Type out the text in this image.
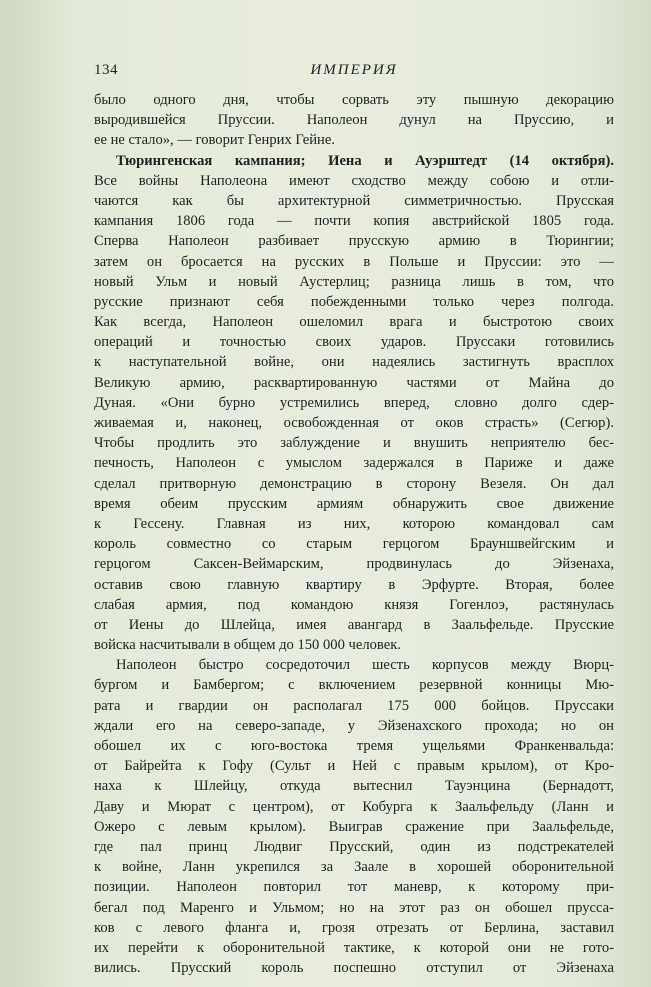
134	ИМПЕРИЯ
было одного дня, чтобы сорвать эту пышную декорацию
выродившейся Пруссии. Наполеон дунул на Пруссию, и
ее не стало», — говорит Генрих Гейне.
Тюрингенская кампания; Иена и Ауэрштедт (14 октября).
Все войны Наполеона имеют сходство между собою и отли-
чаются как бы архитектурной симметричностью. Прусская
кампания 1806 года — почти копия австрийской 1805 года.
Сперва Наполеон разбивает прусскую армию в Тюрингии;
затем он бросается на русских в Польше и Пруссии: это —
новый Ульм и новый Аустерлиц; разница лишь в том, что
русские признают себя побежденными только через полгода.
Как всегда, Наполеон ошеломил врага и быстротою своих
операций и точностью своих ударов. Пруссаки готовились
к наступательной войне, они надеялись застигнуть врасплох
Великую армию, расквартированную частями от Майна до
Дуная. «Они бурно устремились вперед, словно долго сдер-
живаемая и, наконец, освобожденная от оков страсть» (Сегюр).
Чтобы продлить это заблуждение и внушить неприятелю бес-
печность, Наполеон с умыслом задержался в Париже и даже
сделал притворную демонстрацию в сторону Везеля. Он дал
время обеим прусским армиям обнаружить свое движение
к Гессену. Главная из них, которою командовал сам
король совместно со старым герцогом Брауншвейгским и
герцогом Саксен-Веймарским, продвинулась до Эйзенаха,
оставив свою главную квартиру в Эрфурте. Вторая, более
слабая армия, под командою князя Гогенлоэ, растянулась
от Иены до Шлейца, имея авангард в Заальфельде. Прусские
войска насчитывали в общем до 150 000 человек.
Наполеон быстро сосредоточил шесть корпусов между Вюрц-
бургом и Бамбергом; с включением резервной конницы Мю-
рата и гвардии он располагал 175 000 бойцов. Пруссаки
ждали его на северо-западе, у Эйзенахского прохода; но он
обошел их с юго-востока тремя ущельями Франкенвальда:
от Байрейта к Гофу (Сульт и Ней с правым крылом), от Кро-
наха к Шлейцу, откуда вытеснил Тауэнцина (Бернадотт,
Даву и Мюрат с центром), от Кобурга к Заальфельду (Ланн и
Ожеро с левым крылом). Выиграв сражение при Заальфельде,
где пал принц Людвиг Прусский, один из подстрекателей
к войне, Ланн укрепился за Заале в хорошей оборонительной
позиции. Наполеон повторил тот маневр, к которому при-
бегал под Маренго и Ульмом; но на этот раз он обошел прусса-
ков с левого фланга и, грозя отрезать от Берлина, заставил
их перейти к оборонительной тактике, к которой они не гото-
вились. Прусский король поспешно отступил от Эйзенаха
